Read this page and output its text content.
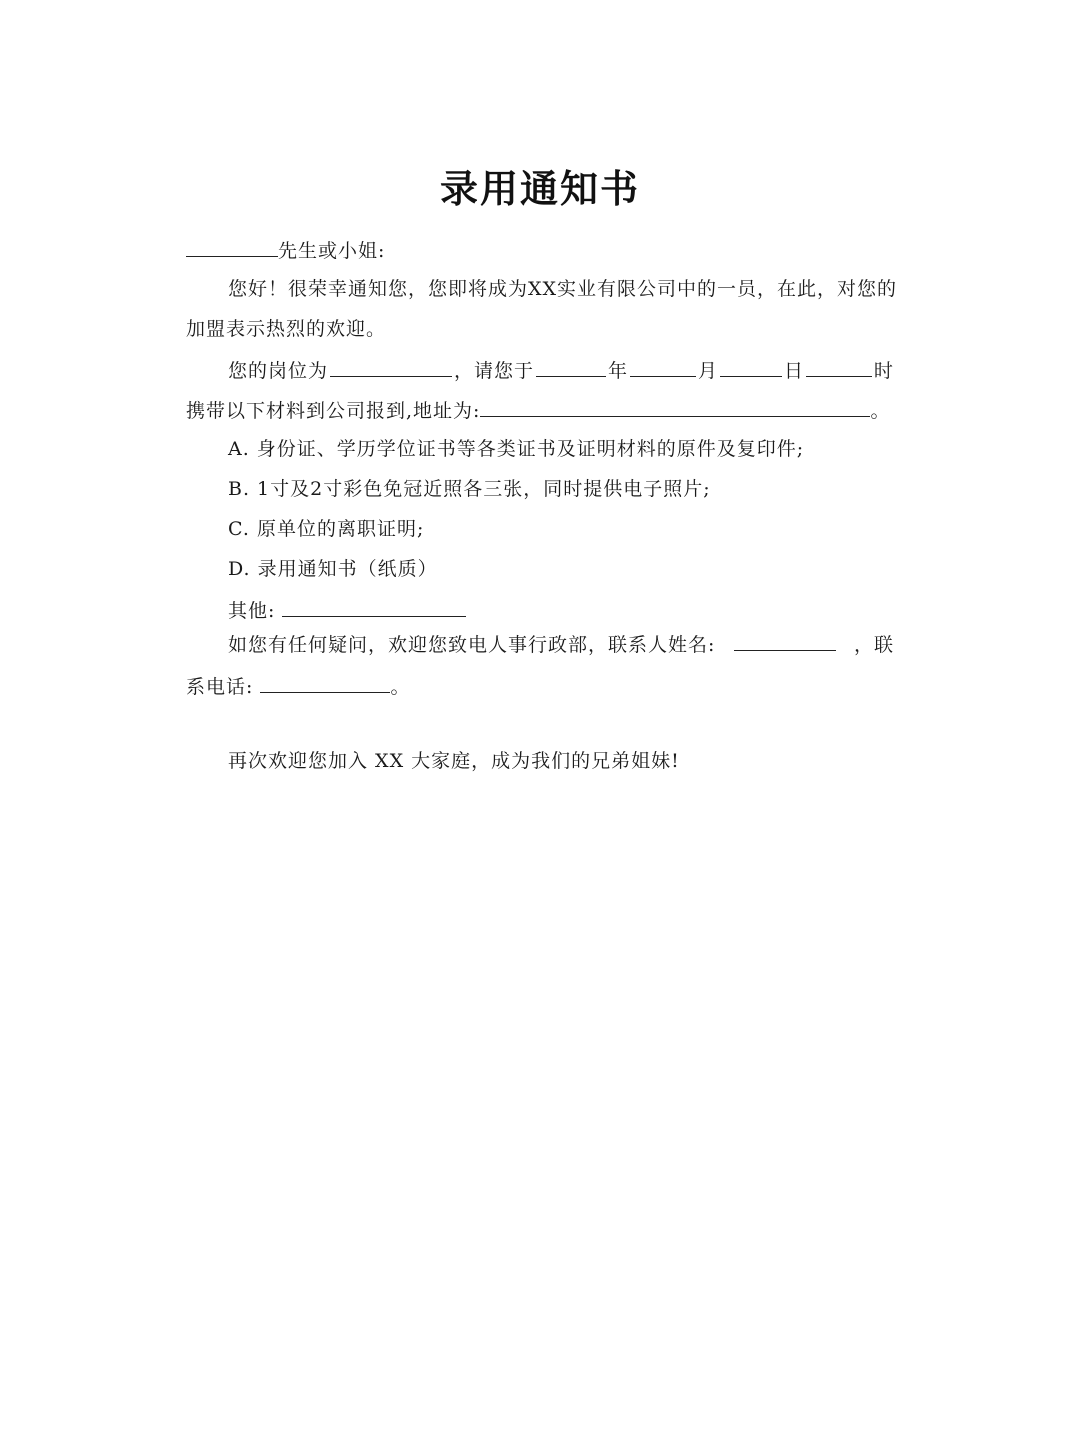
录用通知书
先生或小姐:
您好！很荣幸通知您，您即将成为XX实业有限公司中的一员，在此，对您的
加盟表示热烈的欢迎。
您的岗位为	，请您于	年	月	日	时
携带以下材料到公司报到,地址为:	。
A. 身份证、学历学位证书等各类证书及证明材料的原件及复印件;
B. 1寸及2寸彩色免冠近照各三张，同时提供电子照片;
C. 原单位的离职证明;
D. 录用通知书（纸质）
其他:
如您有任何疑问，欢迎您致电人事行政部，联系人姓名:	，联
系电话:	。
再次欢迎您加入 XX 大家庭，成为我们的兄弟姐妹!
